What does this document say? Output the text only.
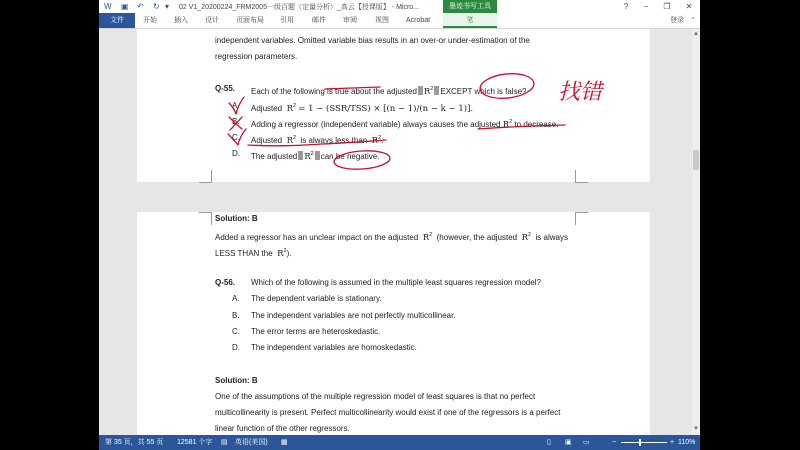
W ▣ ↶ ↻ ▾ 02 V1_20200224_FRM2005一级百题（定量分析）_高云【授课版】 - Micro...	墨迹书写工具	?	−	❐	✕
文件	开始 插入 设计 页面布局 引用	邮件 审阅	视图 Acrobat	笔	登录 ⌃
independent variables. Omitted variable bias results in an over-or under-estimation of the
regression parameters.
Q-55. Each of the following is true about the adjusted $R^2$ EXCEPT which is false?
A. Adjusted $R^2 = 1 - (SSR/TSS) \times [(n - 1)/(n - k - 1)]$.
B. Adding a regressor (independent variable) always causes the adjusted $R^2$ to decrease.
C. Adjusted $R^2$ is always less than $R^2$.
D. The adjusted $R^2$ can be negative.
Solution: B
Added a regressor has an unclear impact on the adjusted $R^2$ (however, the adjusted $R^2$ is always
LESS THAN the $R^2$).
Q-56. Which of the following is assumed in the multiple least squares regression model?
A. The dependent variable is stationary.
B. The independent variables are not perfectly multicollinear.
C. The error terms are heteroskedastic.
D. The independent variables are homoskedastic.
Solution: B
One of the assumptions of the multiple regression model of least squares is that no perfect
multicollinearity is present. Perfect multicollinearity would exist if one of the regressors is a perfect
linear function of the other regressors.
▲
▼
第 35 页，共 55 页 12581 个字 ▤ 英语(美国) ▦	▯ ▣ ▭	−	+ 110%
找错
